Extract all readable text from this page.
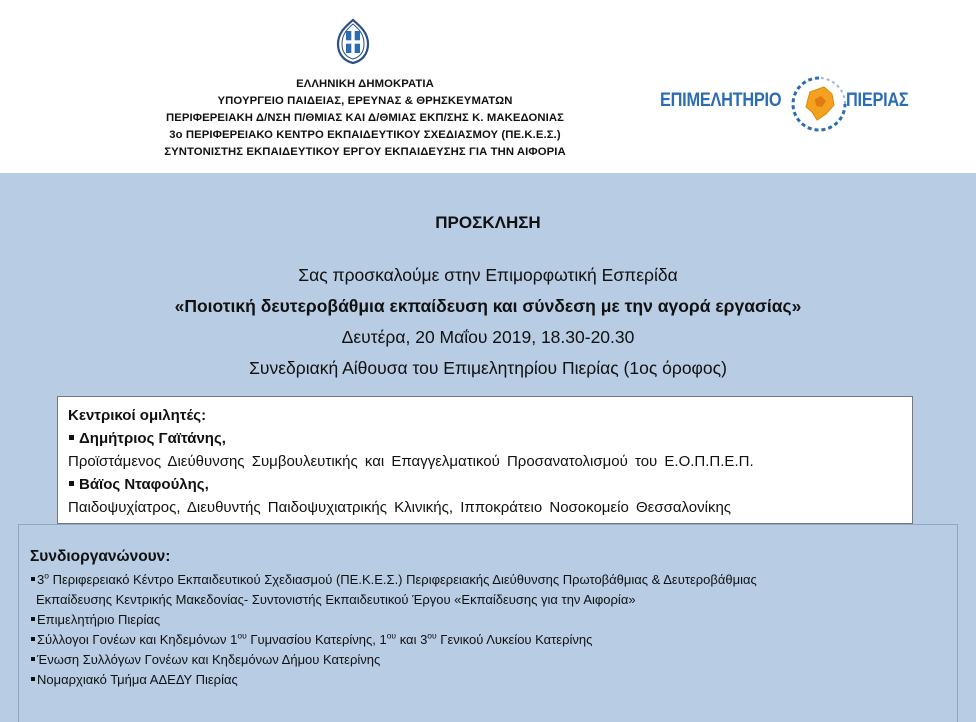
ΕΛΛΗΝΙΚΗ ΔΗΜΟΚΡΑΤΙΑ
ΥΠΟΥΡΓΕΙΟ ΠΑΙΔΕΙΑΣ, ΕΡΕΥΝΑΣ & ΘΡΗΣΚΕΥΜΑΤΩΝ
ΠΕΡΙΦΕΡΕΙΑΚΗ Δ/ΝΣΗ Π/ΘΜΙΑΣ ΚΑΙ Δ/ΘΜΙΑΣ ΕΚΠ/ΣΗΣ Κ. ΜΑΚΕΔΟΝΙΑΣ
3ο ΠΕΡΙΦΕΡΕΙΑΚΟ ΚΕΝΤΡΟ ΕΚΠΑΙΔΕΥΤΙΚΟΥ ΣΧΕΔΙΑΣΜΟΥ (ΠΕ.Κ.Ε.Σ.)
ΣΥΝΤΟΝΙΣΤΗΣ ΕΚΠΑΙΔΕΥΤΙΚΟΥ ΕΡΓΟΥ ΕΚΠΑΙΔΕΥΣΗΣ ΓΙΑ ΤΗΝ ΑΙΦΟΡΙΑ
ΕΠΙΜΕΛΗΤΗΡΙΟ	ΠΙΕΡΙΑΣ
ΠΡΟΣΚΛΗΣΗ
Σας προσκαλούμε στην Επιμορφωτική Εσπερίδα
«Ποιοτική δευτεροβάθμια εκπαίδευση και σύνδεση με την αγορά εργασίας»
Δευτέρα, 20 Μαΐου 2019, 18.30-20.30
Συνεδριακή Αίθουσα του Επιμελητηρίου Πιερίας (1ος όροφος)
Κεντρικοί ομιλητές:
Δημήτριος Γαϊτάνης,
Προϊστάμενος Διεύθυνσης Συμβουλευτικής και Επαγγελματικού Προσανατολισμού του Ε.Ο.Π.Π.Ε.Π.
Βάϊος Νταφούλης,
Παιδοψυχίατρος, Διευθυντής Παιδοψυχιατρικής Κλινικής, Ιπποκράτειο Νοσοκομείο Θεσσαλονίκης
Συνδιοργανώνουν:
$3^o$ Περιφερειακό Κέντρο Εκπαιδευτικού Σχεδιασμού (ΠΕ.Κ.Ε.Σ.) Περιφερειακής Διεύθυνσης Πρωτοβάθμιας & Δευτεροβάθμιας
Εκπαίδευσης Κεντρικής Μακεδονίας- Συντονιστής Εκπαιδευτικού Έργου «Εκπαίδευσης για την Αιφορία»
Επιμελητήριο Πιερίας
Σύλλογοι Γονέων και Κηδεμόνων $1^{o\upsilon}$ Γυμνασίου Κατερίνης, $1^{o\upsilon}$ και $3^{o\upsilon}$ Γενικού Λυκείου Κατερίνης
Ένωση Συλλόγων Γονέων και Κηδεμόνων Δήμου Κατερίνης
Νομαρχιακό Τμήμα ΑΔΕΔΥ Πιερίας
